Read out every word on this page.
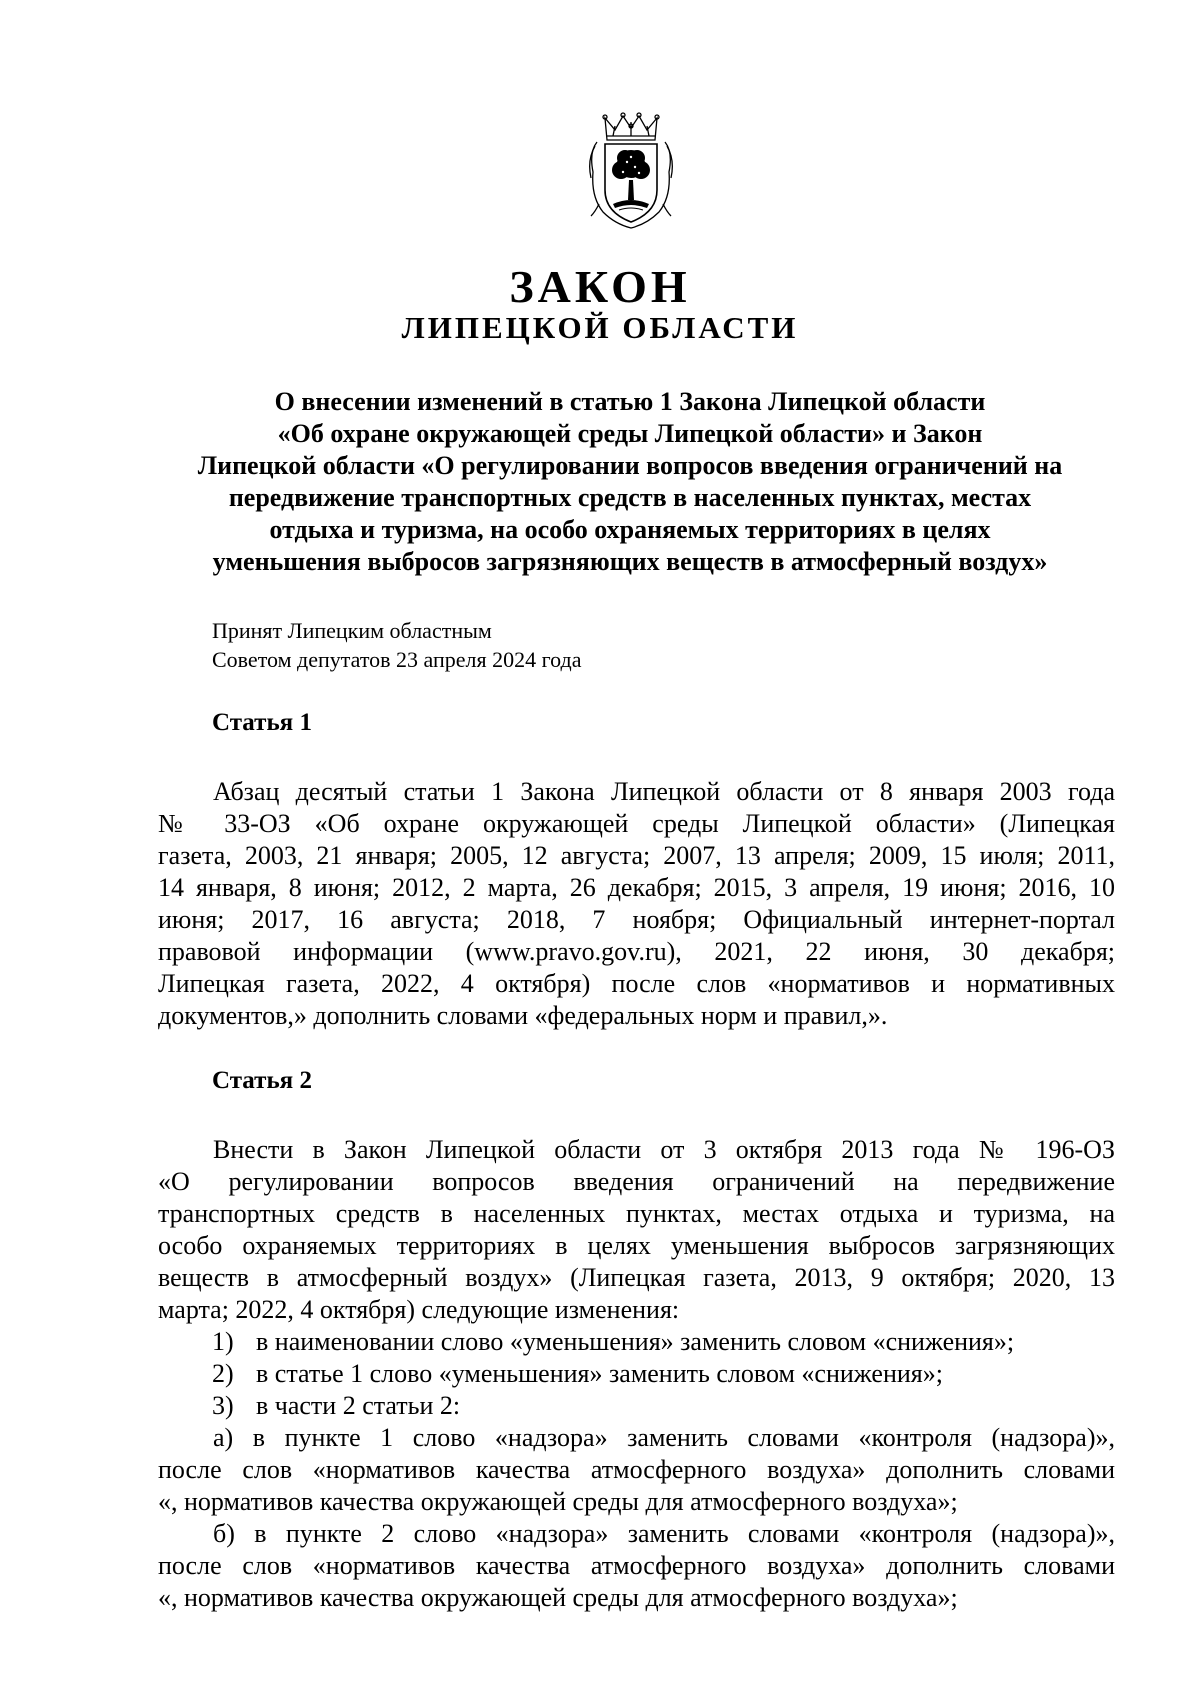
ЗАКОН
ЛИПЕЦКОЙ ОБЛАСТИ
О внесении изменений в статью 1 Закона Липецкой области
«Об охране окружающей среды Липецкой области» и Закон
Липецкой области «О регулировании вопросов введения ограничений на
передвижение транспортных средств в населенных пунктах, местах
отдыха и туризма, на особо охраняемых территориях в целях
уменьшения выбросов загрязняющих веществ в атмосферный воздух»
Принят Липецким областным
Советом депутатов 23 апреля 2024 года
Статья 1
Абзац десятый статьи 1 Закона Липецкой области от 8 января 2003 года
№ 33-ОЗ «Об охране окружающей среды Липецкой области» (Липецкая
газета, 2003, 21 января; 2005, 12 августа; 2007, 13 апреля; 2009, 15 июля; 2011,
14 января, 8 июня; 2012, 2 марта, 26 декабря; 2015, 3 апреля, 19 июня; 2016, 10
июня; 2017, 16 августа; 2018, 7 ноября; Официальный интернет-портал
правовой информации (www.pravo.gov.ru), 2021, 22 июня, 30 декабря;
Липецкая газета, 2022, 4 октября) после слов «нормативов и нормативных
документов,» дополнить словами «федеральных норм и правил,».
Статья 2
Внести в Закон Липецкой области от 3 октября 2013 года № 196-ОЗ
«О регулировании вопросов введения ограничений на передвижение
транспортных средств в населенных пунктах, местах отдыха и туризма, на
особо охраняемых территориях в целях уменьшения выбросов загрязняющих
веществ в атмосферный воздух» (Липецкая газета, 2013, 9 октября; 2020, 13
марта; 2022, 4 октября) следующие изменения:
1) в наименовании слово «уменьшения» заменить словом «снижения»;
2) в статье 1 слово «уменьшения» заменить словом «снижения»;
3) в части 2 статьи 2:
а) в пункте 1 слово «надзора» заменить словами «контроля (надзора)»,
после слов «нормативов качества атмосферного воздуха» дополнить словами
«, нормативов качества окружающей среды для атмосферного воздуха»;
б) в пункте 2 слово «надзора» заменить словами «контроля (надзора)»,
после слов «нормативов качества атмосферного воздуха» дополнить словами
«, нормативов качества окружающей среды для атмосферного воздуха»;
